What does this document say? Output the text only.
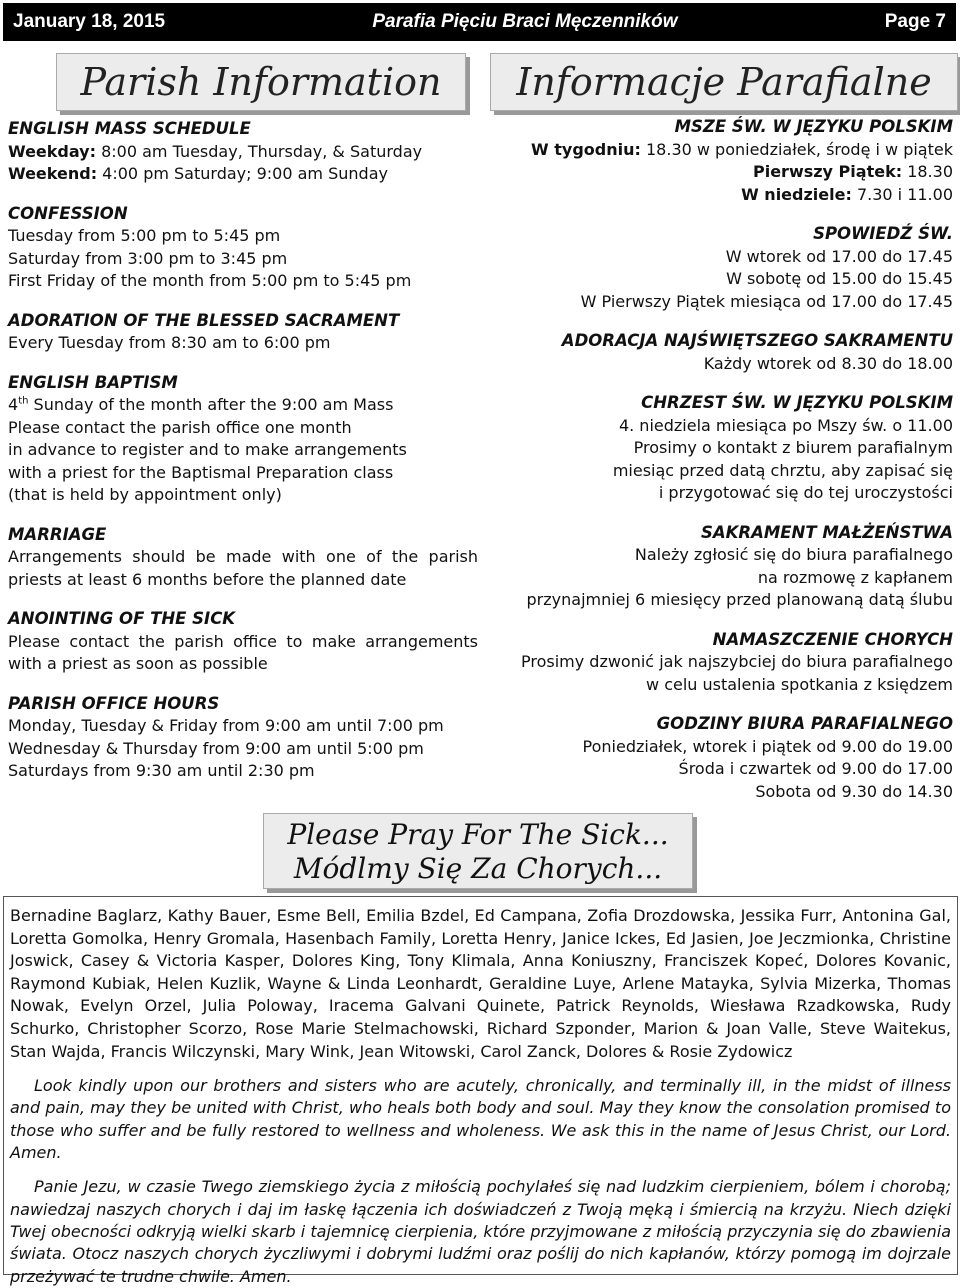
January 18, 2015	Parafia Pięciu Braci Męczenników	Page 7
Parish Information	Informacje Parafialne
ENGLISH MASS SCHEDULE
Weekday: 8:00 am Tuesday, Thursday, & Saturday
Weekend: 4:00 pm Saturday; 9:00 am Sunday
CONFESSION
Tuesday from 5:00 pm to 5:45 pm
Saturday from 3:00 pm to 3:45 pm
First Friday of the month from 5:00 pm to 5:45 pm
ADORATION OF THE BLESSED SACRAMENT
Every Tuesday from 8:30 am to 6:00 pm
ENGLISH BAPTISM
4th Sunday of the month after the 9:00 am Mass
Please contact the parish office one month
in advance to register and to make arrangements
with a priest for the Baptismal Preparation class
(that is held by appointment only)
MARRIAGE
Arrangements should be made with one of the parish priests at least 6 months before the planned date
ANOINTING OF THE SICK
Please contact the parish office to make arrangements with a priest as soon as possible
PARISH OFFICE HOURS
Monday, Tuesday & Friday from 9:00 am until 7:00 pm
Wednesday & Thursday from 9:00 am until 5:00 pm
Saturdays from 9:30 am until 2:30 pm
MSZE ŚW. W JĘZYKU POLSKIM
W tygodniu: 18.30 w poniedziałek, środę i w piątek
Pierwszy Piątek: 18.30
W niedziele: 7.30 i 11.00
SPOWIEDŹ ŚW.
W wtorek od 17.00 do 17.45
W sobotę od 15.00 do 15.45
W Pierwszy Piątek miesiąca od 17.00 do 17.45
ADORACJA NAJŚWIĘTSZEGO SAKRAMENTU
Każdy wtorek od 8.30 do 18.00
CHRZEST ŚW. W JĘZYKU POLSKIM
4. niedziela miesiąca po Mszy św. o 11.00
Prosimy o kontakt z biurem parafialnym
miesiąc przed datą chrztu, aby zapisać się
i przygotować się do tej uroczystości
SAKRAMENT MAŁŻEŃSTWA
Należy zgłosić się do biura parafialnego
na rozmowę z kapłanem
przynajmniej 6 miesięcy przed planowaną datą ślubu
NAMASZCZENIE CHORYCH
Prosimy dzwonić jak najszybciej do biura parafialnego
w celu ustalenia spotkania z księdzem
GODZINY BIURA PARAFIALNEGO
Poniedziałek, wtorek i piątek od 9.00 do 19.00
Środa i czwartek od 9.00 do 17.00
Sobota od 9.30 do 14.30
Please Pray For The Sick...
Módlmy Się Za Chorych...
Bernadine Baglarz, Kathy Bauer, Esme Bell, Emilia Bzdel, Ed Campana, Zofia Drozdowska, Jessika Furr, Antonina Gal, Loretta Gomolka, Henry Gromala, Hasenbach Family, Loretta Henry, Janice Ickes, Ed Jasien, Joe Jeczmionka, Christine Joswick, Casey & Victoria Kasper, Dolores King, Tony Klimala, Anna Koniuszny, Franciszek Kopeć, Dolores Kovanic, Raymond Kubiak, Helen Kuzlik, Wayne & Linda Leonhardt, Geraldine Luye, Arlene Matayka, Sylvia Mizerka, Thomas Nowak, Evelyn Orzel, Julia Poloway, Iracema Galvani Quinete, Patrick Reynolds, Wiesława Rzadkowska, Rudy Schurko, Christopher Scorzo, Rose Marie Stelmachowski, Richard Szponder, Marion & Joan Valle, Steve Waitekus, Stan Wajda, Francis Wilczynski, Mary Wink, Jean Witowski, Carol Zanck, Dolores & Rosie Zydowicz
Look kindly upon our brothers and sisters who are acutely, chronically, and terminally ill, in the midst of illness and pain, may they be united with Christ, who heals both body and soul. May they know the consolation promised to those who suffer and be fully restored to wellness and wholeness. We ask this in the name of Jesus Christ, our Lord. Amen.
Panie Jezu, w czasie Twego ziemskiego życia z miłością pochylałeś się nad ludzkim cierpieniem, bólem i chorobą; nawiedzaj naszych chorych i daj im łaskę łączenia ich doświadczeń z Twoją męką i śmiercią na krzyżu. Niech dzięki Twej obecności odkryją wielki skarb i tajemnicę cierpienia, które przyjmowane z miłością przyczynia się do zbawienia świata. Otocz naszych chorych życzliwymi i dobrymi ludźmi oraz poślij do nich kapłanów, którzy pomogą im dojrzale przeżywać te trudne chwile. Amen.
